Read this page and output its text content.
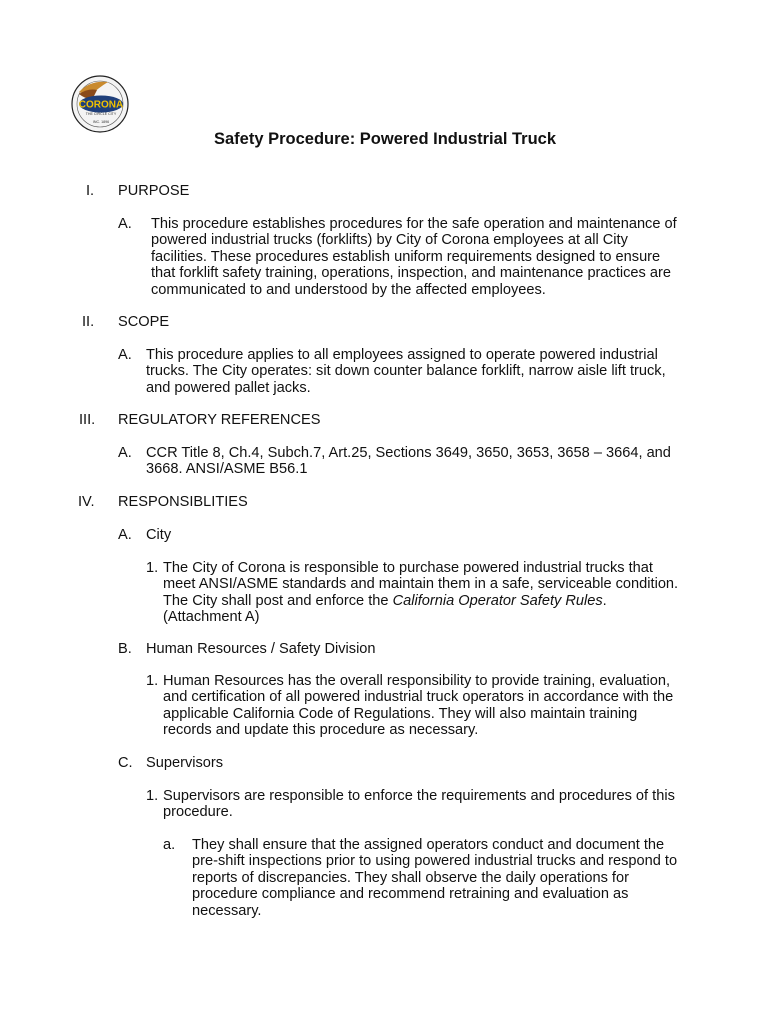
CORONA
THE CIRCLE CITY
INC. 1896
Safety Procedure: Powered Industrial Truck
I. PURPOSE
A. This procedure establishes procedures for the safe operation and maintenance of
powered industrial trucks (forklifts) by City of Corona employees at all City
facilities. These procedures establish uniform requirements designed to ensure
that forklift safety training, operations, inspection, and maintenance practices are
communicated to and understood by the affected employees.
II. SCOPE
A. This procedure applies to all employees assigned to operate powered industrial
trucks. The City operates: sit down counter balance forklift, narrow aisle lift truck,
and powered pallet jacks.
III. REGULATORY REFERENCES
A. CCR Title 8, Ch.4, Subch.7, Art.25, Sections 3649, 3650, 3653, 3658 – 3664, and
3668. ANSI/ASME B56.1
IV. RESPONSIBLITIES
A. City
1. The City of Corona is responsible to purchase powered industrial trucks that
meet ANSI/ASME standards and maintain them in a safe, serviceable condition.
The City shall post and enforce the California Operator Safety Rules.
(Attachment A)
B. Human Resources / Safety Division
1. Human Resources has the overall responsibility to provide training, evaluation,
and certification of all powered industrial truck operators in accordance with the
applicable California Code of Regulations. They will also maintain training
records and update this procedure as necessary.
C. Supervisors
1. Supervisors are responsible to enforce the requirements and procedures of this
procedure.
a. They shall ensure that the assigned operators conduct and document the
pre-shift inspections prior to using powered industrial trucks and respond to
reports of discrepancies. They shall observe the daily operations for
procedure compliance and recommend retraining and evaluation as
necessary.
